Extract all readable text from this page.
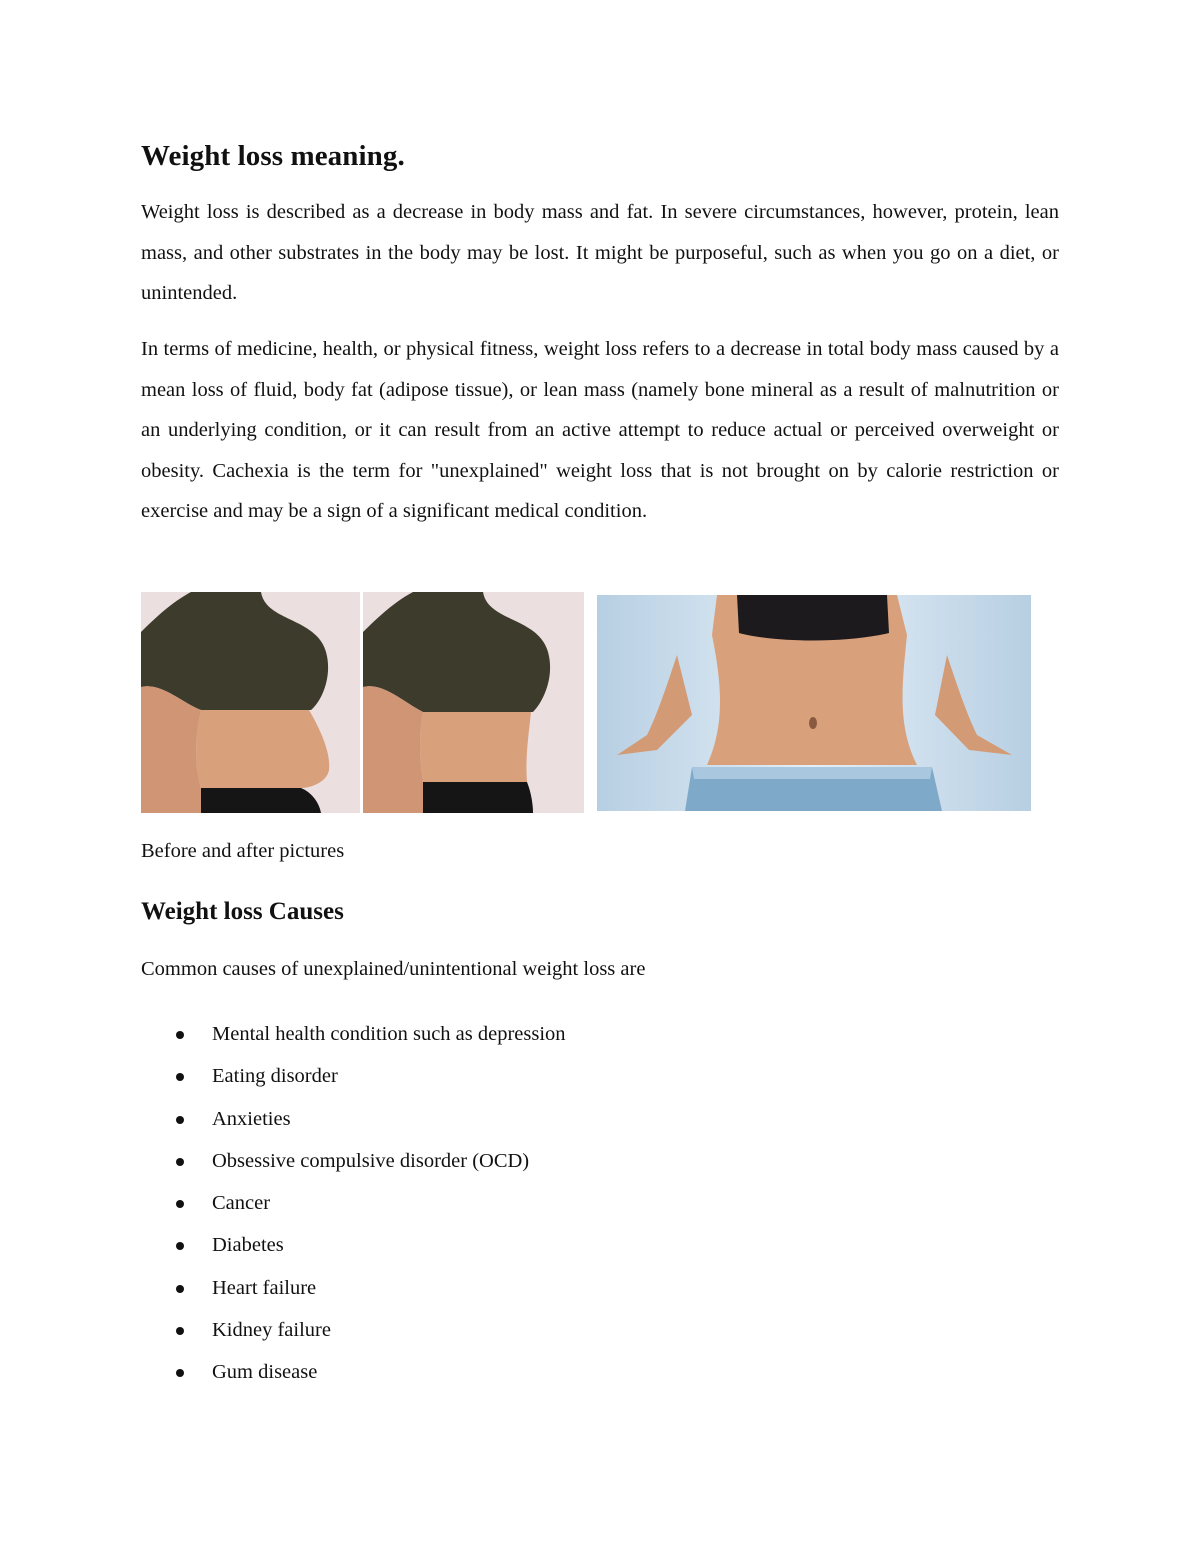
Weight loss meaning.

Weight loss is described as a decrease in body mass and fat. In severe circumstances, however, protein, lean mass, and other substrates in the body may be lost. It might be purposeful, such as when you go on a diet, or unintended.

In terms of medicine, health, or physical fitness, weight loss refers to a decrease in total body mass caused by a mean loss of fluid, body fat (adipose tissue), or lean mass (namely bone mineral as a result of malnutrition or an underlying condition, or it can result from an active attempt to reduce actual or perceived overweight or obesity. Cachexia is the term for "unexplained" weight loss that is not brought on by calorie restriction or exercise and may be a sign of a significant medical condition.

Before and after pictures

Weight loss Causes

Common causes of unexplained/unintentional weight loss are

Mental health condition such as depression
Eating disorder
Anxieties
Obsessive compulsive disorder (OCD)
Cancer
Diabetes
Heart failure
Kidney failure
Gum disease
